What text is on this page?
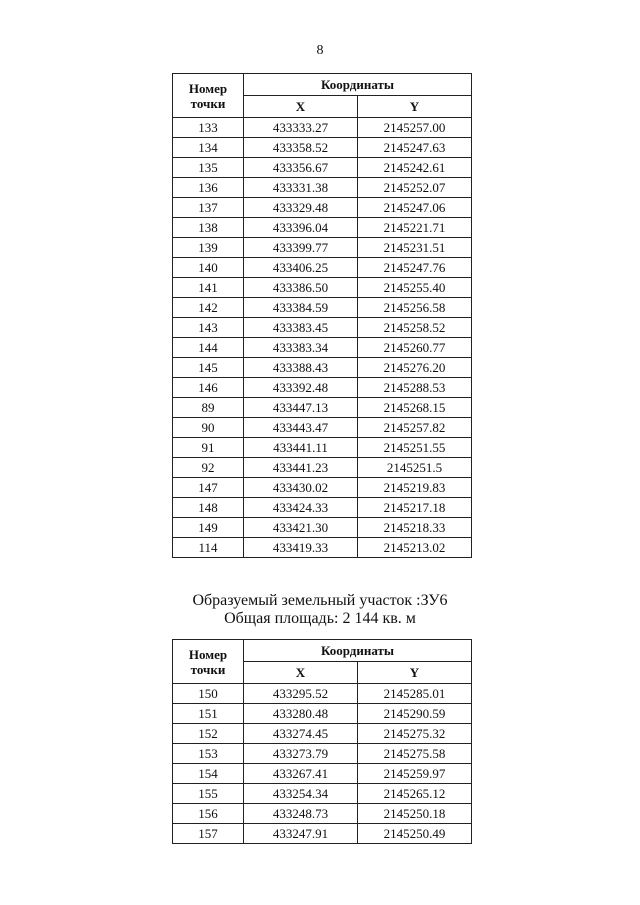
8
Номер точки	Координаты	
	X	Y
133	433333.27	2145257.00
134	433358.52	2145247.63
135	433356.67	2145242.61
136	433331.38	2145252.07
137	433329.48	2145247.06
138	433396.04	2145221.71
139	433399.77	2145231.51
140	433406.25	2145247.76
141	433386.50	2145255.40
142	433384.59	2145256.58
143	433383.45	2145258.52
144	433383.34	2145260.77
145	433388.43	2145276.20
146	433392.48	2145288.53
89	433447.13	2145268.15
90	433443.47	2145257.82
91	433441.11	2145251.55
92	433441.23	2145251.5
147	433430.02	2145219.83
148	433424.33	2145217.18
149	433421.30	2145218.33
114	433419.33	2145213.02
Образуемый земельный участок :ЗУ6
Общая площадь: 2 144 кв. м
Номер точки	Координаты	
	X	Y
150	433295.52	2145285.01
151	433280.48	2145290.59
152	433274.45	2145275.32
153	433273.79	2145275.58
154	433267.41	2145259.97
155	433254.34	2145265.12
156	433248.73	2145250.18
157	433247.91	2145250.49
